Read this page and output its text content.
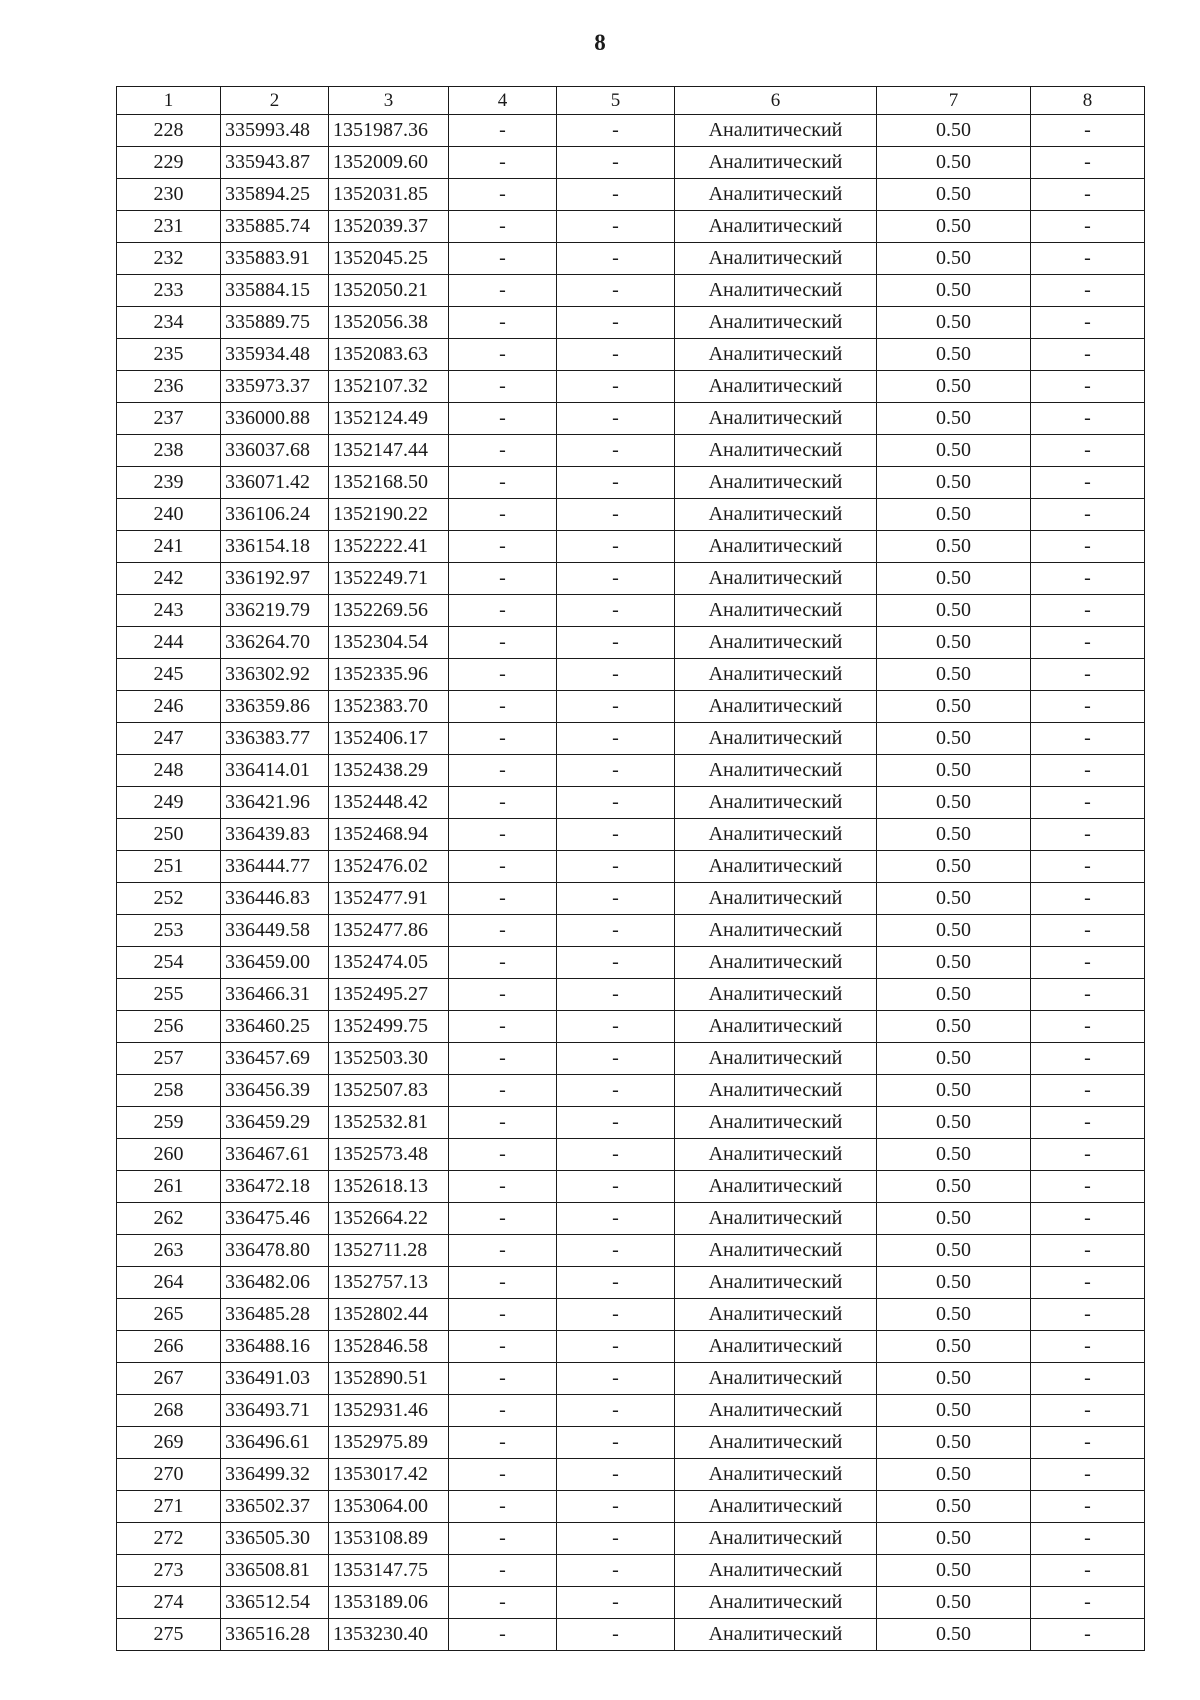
8
1	2	3	4	5	6	7	8
228	335993.48	1351987.36	-	-	Аналитический	0.50	-
229	335943.87	1352009.60	-	-	Аналитический	0.50	-
230	335894.25	1352031.85	-	-	Аналитический	0.50	-
231	335885.74	1352039.37	-	-	Аналитический	0.50	-
232	335883.91	1352045.25	-	-	Аналитический	0.50	-
233	335884.15	1352050.21	-	-	Аналитический	0.50	-
234	335889.75	1352056.38	-	-	Аналитический	0.50	-
235	335934.48	1352083.63	-	-	Аналитический	0.50	-
236	335973.37	1352107.32	-	-	Аналитический	0.50	-
237	336000.88	1352124.49	-	-	Аналитический	0.50	-
238	336037.68	1352147.44	-	-	Аналитический	0.50	-
239	336071.42	1352168.50	-	-	Аналитический	0.50	-
240	336106.24	1352190.22	-	-	Аналитический	0.50	-
241	336154.18	1352222.41	-	-	Аналитический	0.50	-
242	336192.97	1352249.71	-	-	Аналитический	0.50	-
243	336219.79	1352269.56	-	-	Аналитический	0.50	-
244	336264.70	1352304.54	-	-	Аналитический	0.50	-
245	336302.92	1352335.96	-	-	Аналитический	0.50	-
246	336359.86	1352383.70	-	-	Аналитический	0.50	-
247	336383.77	1352406.17	-	-	Аналитический	0.50	-
248	336414.01	1352438.29	-	-	Аналитический	0.50	-
249	336421.96	1352448.42	-	-	Аналитический	0.50	-
250	336439.83	1352468.94	-	-	Аналитический	0.50	-
251	336444.77	1352476.02	-	-	Аналитический	0.50	-
252	336446.83	1352477.91	-	-	Аналитический	0.50	-
253	336449.58	1352477.86	-	-	Аналитический	0.50	-
254	336459.00	1352474.05	-	-	Аналитический	0.50	-
255	336466.31	1352495.27	-	-	Аналитический	0.50	-
256	336460.25	1352499.75	-	-	Аналитический	0.50	-
257	336457.69	1352503.30	-	-	Аналитический	0.50	-
258	336456.39	1352507.83	-	-	Аналитический	0.50	-
259	336459.29	1352532.81	-	-	Аналитический	0.50	-
260	336467.61	1352573.48	-	-	Аналитический	0.50	-
261	336472.18	1352618.13	-	-	Аналитический	0.50	-
262	336475.46	1352664.22	-	-	Аналитический	0.50	-
263	336478.80	1352711.28	-	-	Аналитический	0.50	-
264	336482.06	1352757.13	-	-	Аналитический	0.50	-
265	336485.28	1352802.44	-	-	Аналитический	0.50	-
266	336488.16	1352846.58	-	-	Аналитический	0.50	-
267	336491.03	1352890.51	-	-	Аналитический	0.50	-
268	336493.71	1352931.46	-	-	Аналитический	0.50	-
269	336496.61	1352975.89	-	-	Аналитический	0.50	-
270	336499.32	1353017.42	-	-	Аналитический	0.50	-
271	336502.37	1353064.00	-	-	Аналитический	0.50	-
272	336505.30	1353108.89	-	-	Аналитический	0.50	-
273	336508.81	1353147.75	-	-	Аналитический	0.50	-
274	336512.54	1353189.06	-	-	Аналитический	0.50	-
275	336516.28	1353230.40	-	-	Аналитический	0.50	-
